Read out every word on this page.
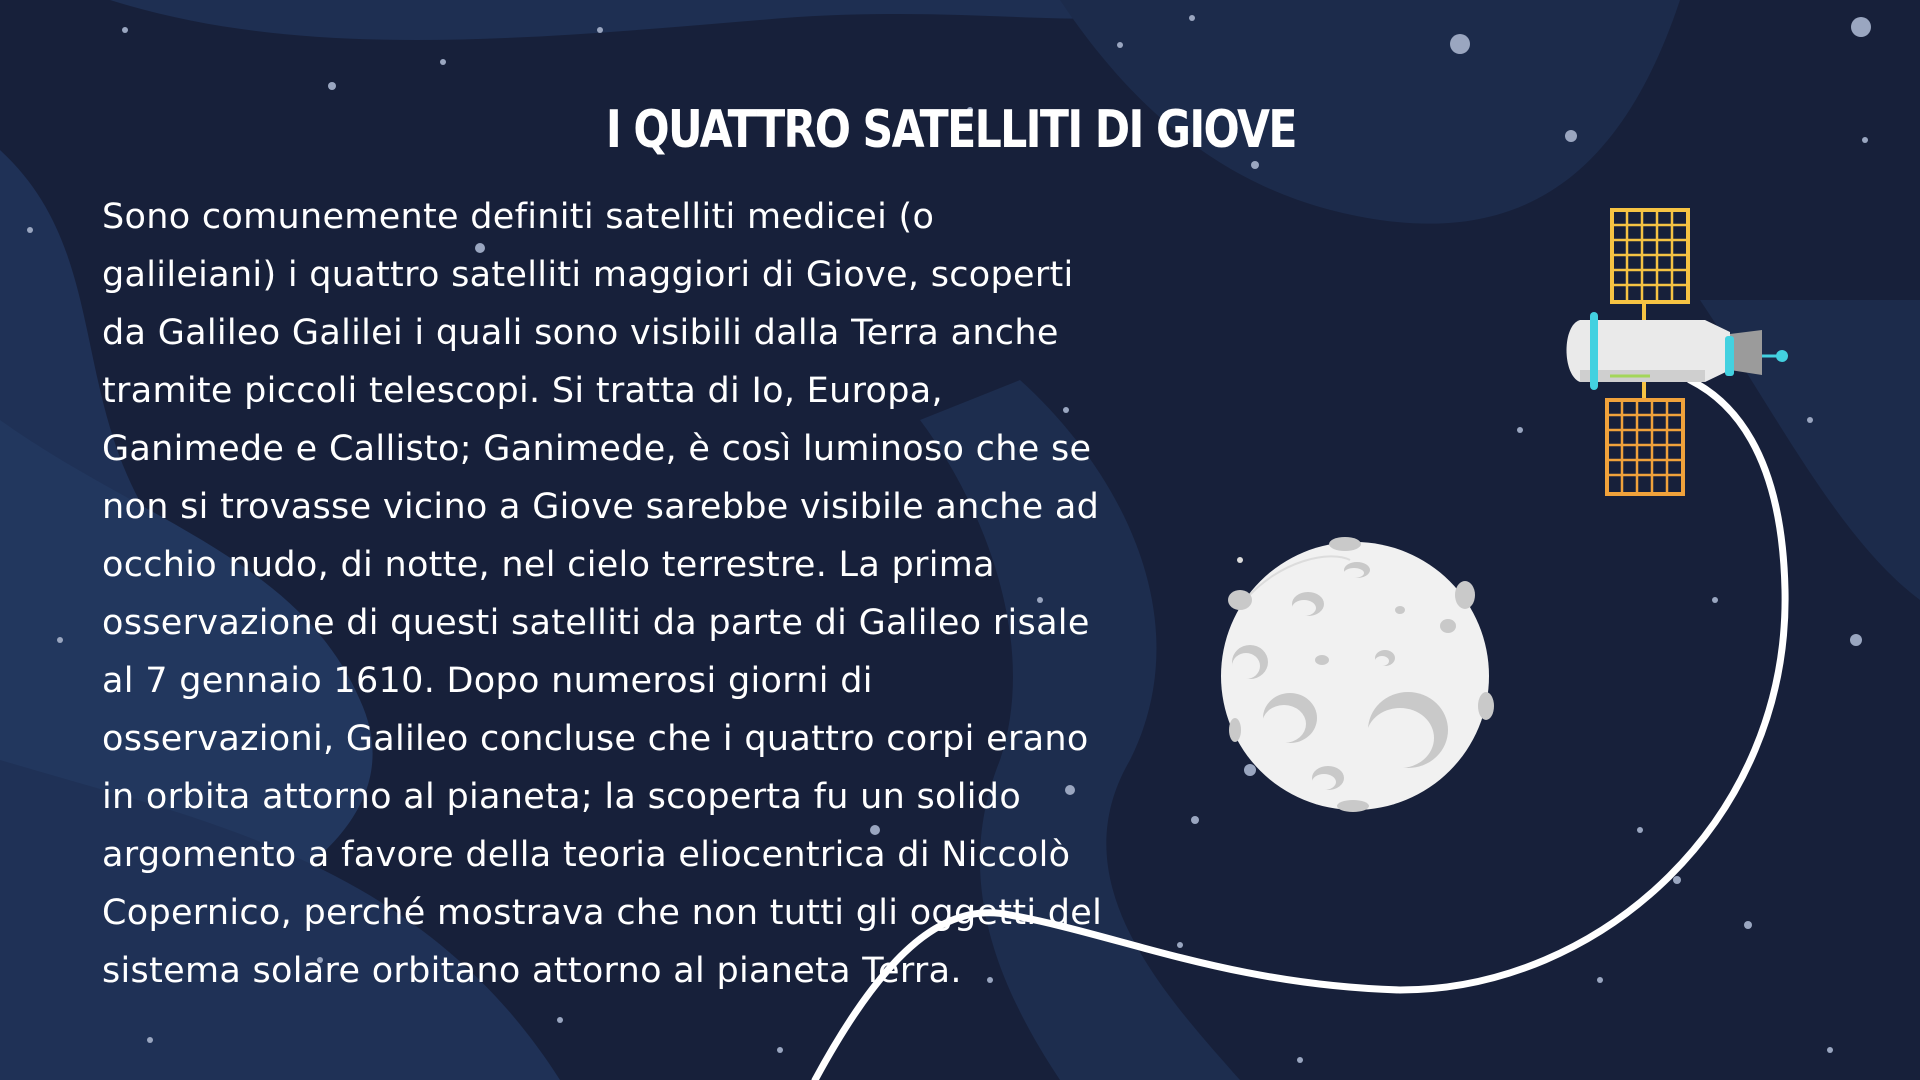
I QUATTRO SATELLITI DI GIOVE

Sono comunemente definiti satelliti medicei (o galileiani) i quattro satelliti maggiori di Giove, scoperti da Galileo Galilei i quali sono visibili dalla Terra anche tramite piccoli telescopi. Si tratta di Io, Europa, Ganimede e Callisto; Ganimede, è così luminoso che se non si trovasse vicino a Giove sarebbe visibile anche ad occhio nudo, di notte, nel cielo terrestre. La prima osservazione di questi satelliti da parte di Galileo risale al 7 gennaio 1610. Dopo numerosi giorni di osservazioni, Galileo concluse che i quattro corpi erano in orbita attorno al pianeta; la scoperta fu un solido argomento a favore della teoria eliocentrica di Niccolò Copernico, perché mostrava che non tutti gli oggetti del sistema solare orbitano attorno al pianeta Terra.
